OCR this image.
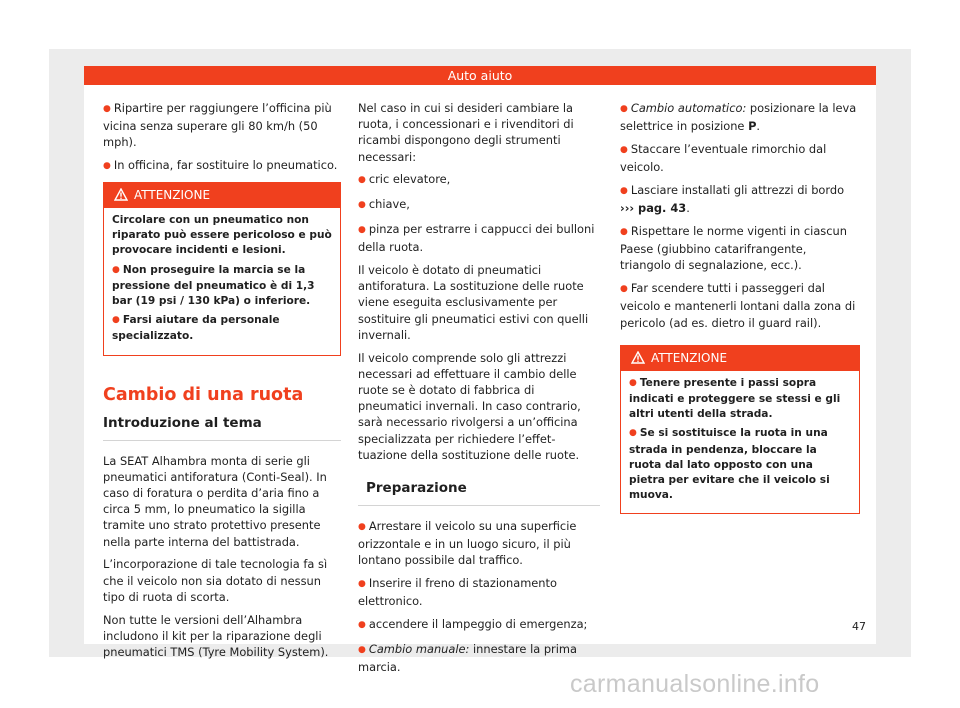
Auto aiuto

● Ripartire per raggiungere l’officina più vicina senza superare gli 80 km/h (50 mph).

● In officina, far sostituire lo pneumatico.

ATTENZIONE

Circolare con un pneumatico non riparato può essere pericoloso e può provocare incidenti e lesioni.

● Non proseguire la marcia se la pressione del pneumatico è di 1,3 bar (19 psi / 130 kPa) o inferiore.

● Farsi aiutare da personale specializzato.

Cambio di una ruota
Introduzione al tema

La SEAT Alhambra monta di serie gli pneumatici antiforatura (Conti-Seal). In caso di foratura o perdita d’aria fino a circa 5 mm, lo pneumatico la sigilla tramite uno strato protettivo presente nella parte interna del battistrada.

L’incorporazione di tale tecnologia fa sì che il veicolo non sia dotato di nessun tipo di ruota di scorta.

Non tutte le versioni dell’Alhambra includono il kit per la riparazione degli pneumatici TMS (Tyre Mobility System).

Nel caso in cui si desideri cambiare la ruota, i concessionari e i rivenditori di ricambi dispongono degli strumenti necessari:

● cric elevatore,

● chiave,

● pinza per estrarre i cappucci dei bulloni della ruota.

Il veicolo è dotato di pneumatici antiforatura. La sostituzione delle ruote viene eseguita esclusivamente per sostituire gli pneumatici estivi con quelli invernali.

Il veicolo comprende solo gli attrezzi necessari ad effettuare il cambio delle ruote se è dotato di fabbrica di pneumatici invernali. In caso contrario, sarà necessario rivolgersi a un’officina specializzata per richiedere l’effettuazione della sostituzione delle ruote.

Preparazione

● Arrestare il veicolo su una superficie orizzontale e in un luogo sicuro, il più lontano possibile dal traffico.

● Inserire il freno di stazionamento elettronico.

● accendere il lampeggio di emergenza;

● Cambio manuale: innestare la prima marcia.

● Cambio automatico: posizionare la leva selettrice in posizione P.

● Staccare l’eventuale rimorchio dal veicolo.

● Lasciare installati gli attrezzi di bordo
››› pag. 43.

● Rispettare le norme vigenti in ciascun Paese (giubbino catarifrangente, triangolo di segnalazione, ecc.).

● Far scendere tutti i passeggeri dal veicolo e mantenerli lontani dalla zona di pericolo (ad es. dietro il guard rail).

ATTENZIONE

● Tenere presente i passi sopra indicati e proteggere se stessi e gli altri utenti della strada.

● Se si sostituisce la ruota in una strada in pendenza, bloccare la ruota dal lato opposto con una pietra per evitare che il veicolo si muova.

47
carmanualsonline.info
